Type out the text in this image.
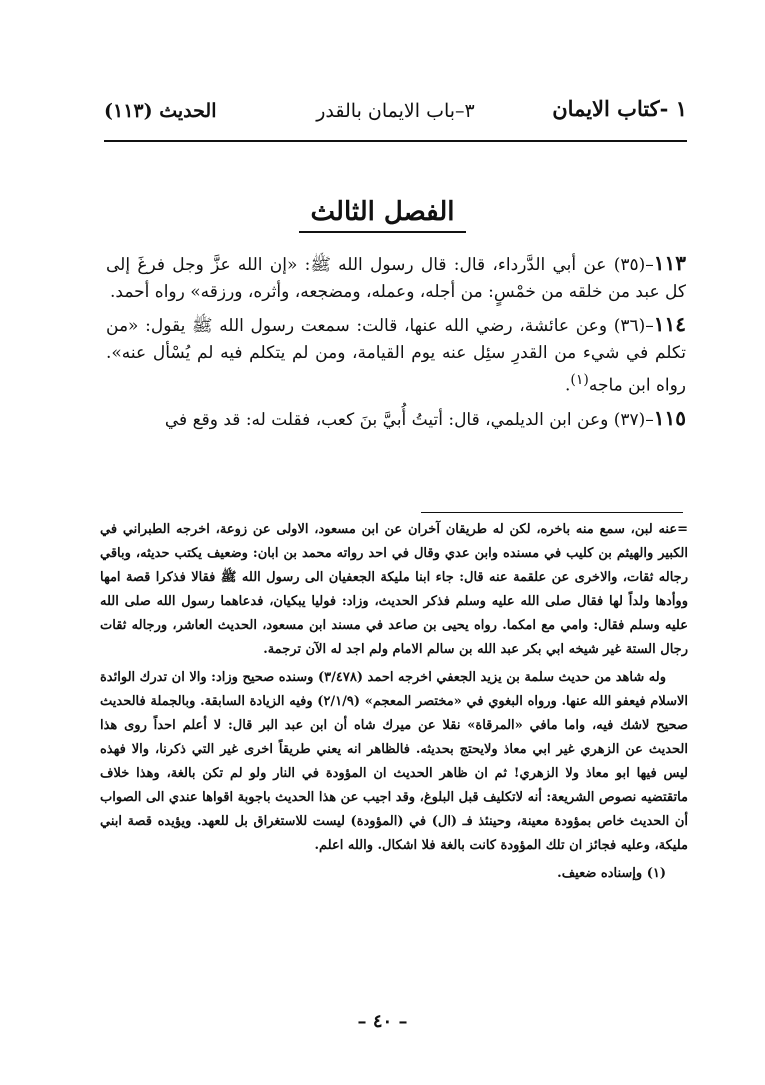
١ -كتاب الايمان
٣–باب الايمان بالقدر
الحديث (١١٣)
الفصل الثالث

١١٣–(٣٥) عن أبي الدَّرداء، قال: قال رسول الله ﷺ: «إن الله عزَّ وجل فرغَ إلى كل عبد من خلقه من خمْسٍ: من أجله، وعمله، ومضجعه، وأثره، ورزقه» رواه أحمد.

١١٤–(٣٦) وعن عائشة، رضي الله عنها، قالت: سمعت رسول الله ﷺ يقول: «من تكلم في شيء من القدرِ سئِل عنه يوم القيامة، ومن لم يتكلم فيه لم يُسْأل عنه». رواه ابن ماجه$^{(١)}$.

١١٥–(٣٧) وعن ابن الديلمي، قال: أتيتُ أُبيَّ بنَ كعب، فقلت له: قد وقع في

=عنه لبن، سمع منه باخره، لكن له طريقان آخران عن ابن مسعود، الاولى عن زوعة، اخرجه الطبراني في الكبير والهيثم بن كليب في مسنده وابن عدي وقال في احد رواته محمد بن ابان: وضعيف يكتب حديثه، وباقي رجاله ثقات، والاخرى عن علقمة عنه قال: جاء ابنا مليكة الجعفيان الى رسول الله ﷺ فقالا فذكرا قصة امها ووأدها ولداً لها فقال صلى الله عليه وسلم فذكر الحديث، وزاد: فوليا يبكيان، فدعاهما رسول الله صلى الله عليه وسلم فقال: وامي مع امكما. رواه يحيى بن صاعد في مسند ابن مسعود، الحديث العاشر، ورجاله ثقات رجال الستة غير شيخه ابي بكر عبد الله بن سالم الامام ولم اجد له الآن ترجمة.

وله شاهد من حديث سلمة بن يزيد الجعفي اخرجه احمد (٣/٤٧٨) وسنده صحيح وزاد: والا ان تدرك الوائدة الاسلام فيعفو الله عنها. ورواه البغوي في «مختصر المعجم» (٢/١/٩) وفيه الزيادة السابقة. وبالجملة فالحديث صحيح لاشك فيه، واما مافي «المرقاة» نقلا عن ميرك شاه أن ابن عبد البر قال: لا أعلم احداً روى هذا الحديث عن الزهري غير ابي معاذ ولايحتج بحديثه. فالظاهر انه يعني طريقاً اخرى غير التي ذكرنا، والا فهذه ليس فيها ابو معاذ ولا الزهري! ثم ان ظاهر الحديث ان المؤودة في النار ولو لم تكن بالغة، وهذا خلاف ماتقتضيه نصوص الشريعة: أنه لاتكليف قبل البلوغ، وقد اجيب عن هذا الحديث باجوبة اقواها عندي الى الصواب أن الحديث خاص بمؤودة معينة، وحينئذ فـ (ال) في (المؤودة) ليست للاستغراق بل للعهد. ويؤيده قصة ابني مليكة، وعليه فجائز ان تلك المؤودة كانت بالغة فلا اشكال. والله اعلم.

(١) وإسناده ضعيف.

– ٤٠ –
